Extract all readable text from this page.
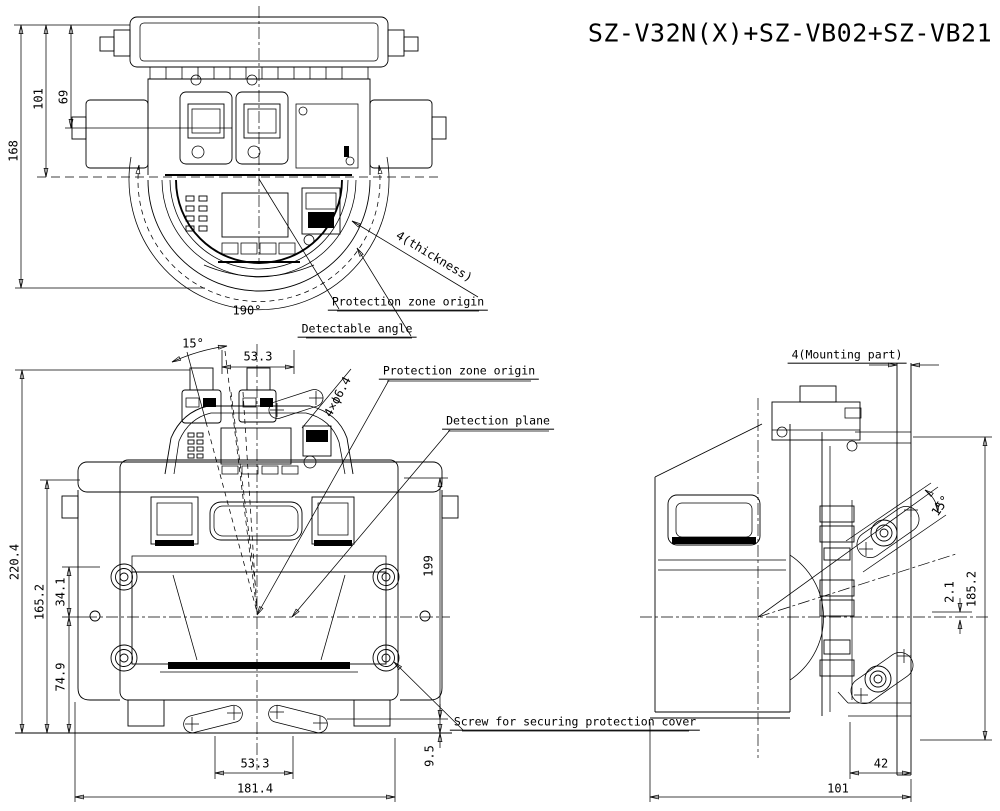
SZ-V32N(X)+SZ-VB02+SZ-VB21
69
101
168
190°
4(thickness)
Protection zone origin
Detectable angle
15°
53.3
4×ϕ6.4
Protection zone origin
Detection plane
220.4
165.2 34.1
74.9
199
9.5
53.3
181.4
Screw for securing protection cover
4(Mounting part)
15°
2.1 185.2
42
101
